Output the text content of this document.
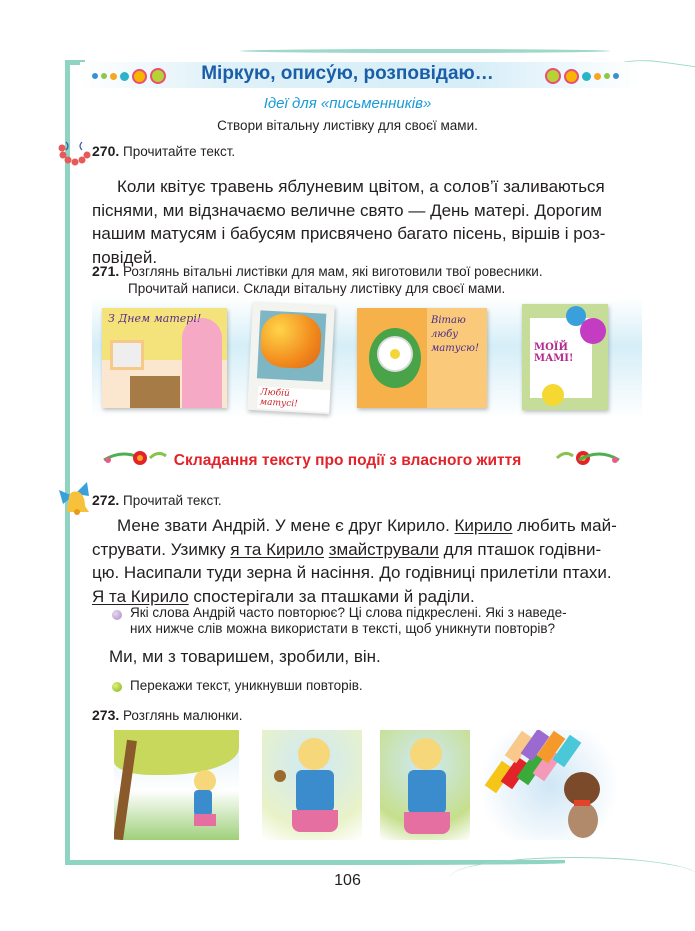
Міркую, опису́ю, розповідаю…
Ідеї для «письменників»
Створи вітальну листівку для своєї мами.
270. Прочитайте текст.
Коли квітує травень яблуневим цвітом, а солов’ї заливаються
піснями, ми відзначаємо величне свято — День матері. Дорогим
нашим матусям і бабусям присвячено багато пісень, віршів і роз-
повідей.
271. Розглянь вітальні листівки для мам, які виготовили твої ровесники.
Прочитай написи. Склади вітальну листівку для своєї мами.
З Днем матері!
Любій матусі!
Вітаю любу матусю!	МОЇЙ МАМІ!
Складання тексту про події з власного життя
272. Прочитай текст.
Мене звати Андрій. У мене є друг Кирило. Кирило любить май-
струвати. Узимку я та Кирило змайстрували для пташок годівни-
цю. Насипали туди зерна й насіння. До годівниці прилетіли птахи.
Я та Кирило спостерігали за пташками й раділи.
Які слова Андрій часто повторює? Ці слова підкреслені. Які з наведе-
них нижче слів можна використати в тексті, щоб уникнути повторів?
Ми, ми з товаришем, зробили, він.
Перекажи текст, уникнувши повторів.
273. Розглянь малюнки.
106
